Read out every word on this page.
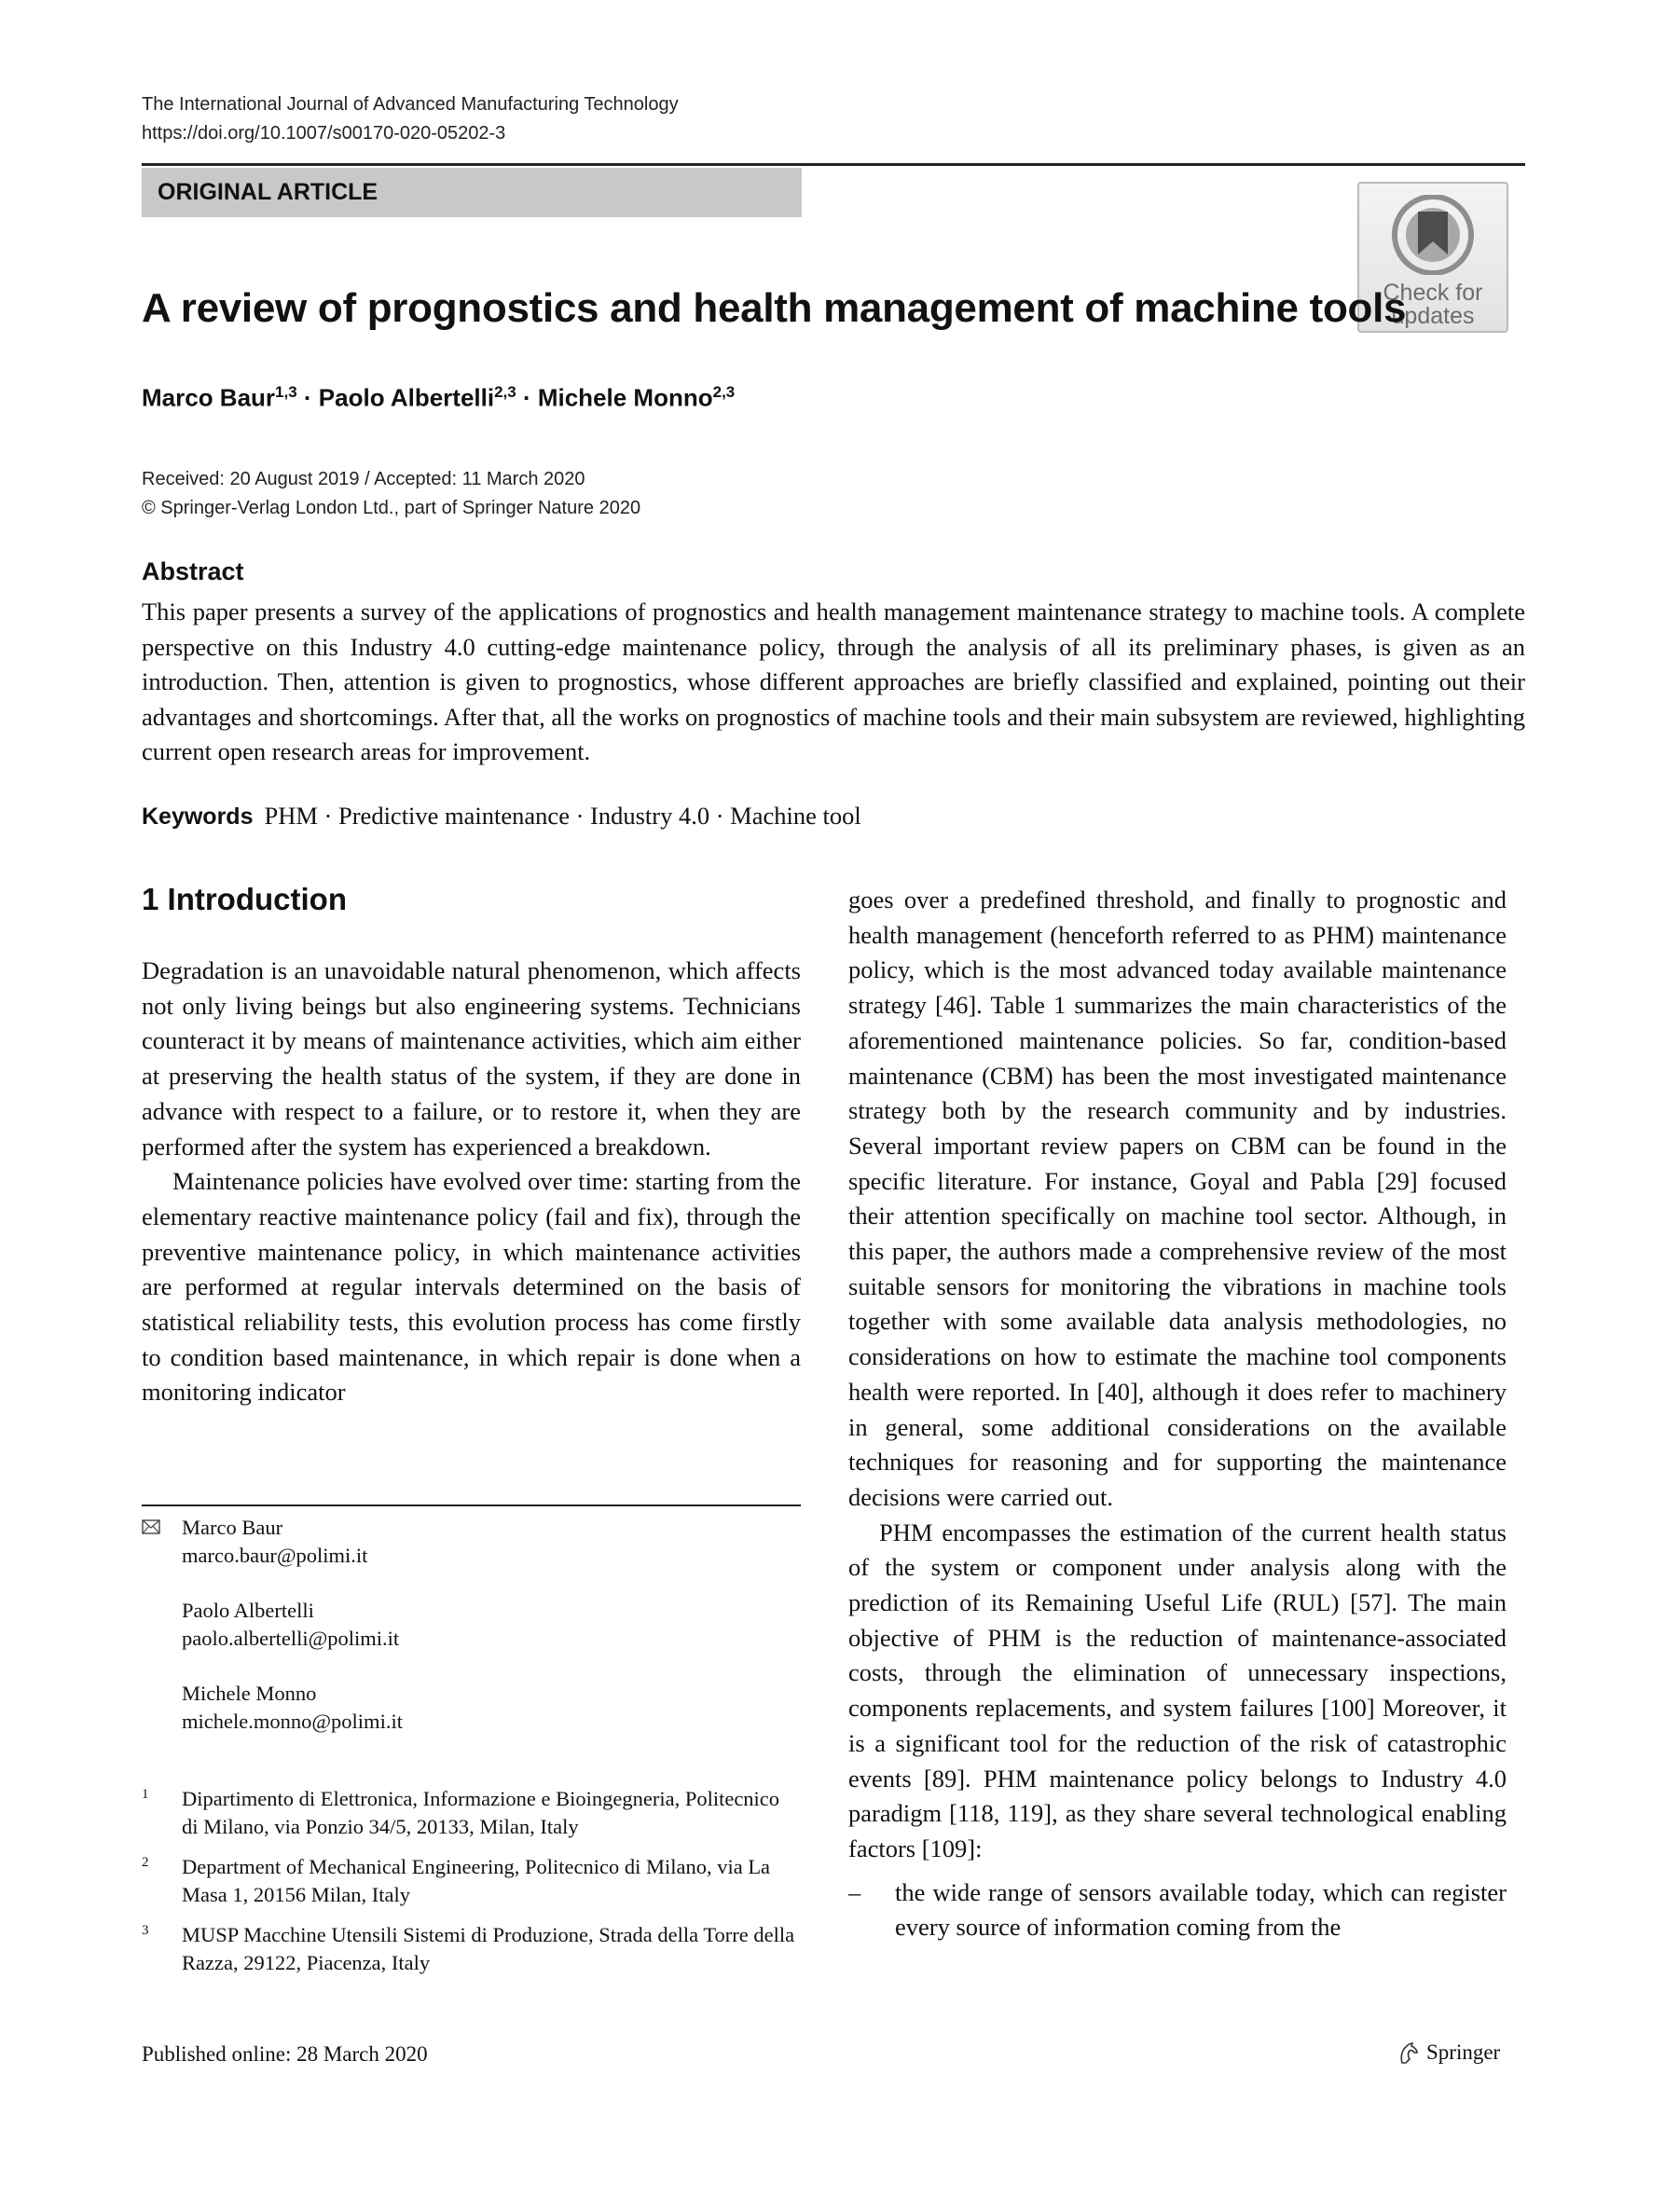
The International Journal of Advanced Manufacturing Technology
https://doi.org/10.1007/s00170-020-05202-3
ORIGINAL ARTICLE
Check for
updates
A review of prognostics and health management of machine tools
Marco Baur$^{1,3}$ · Paolo Albertelli$^{2,3}$ · Michele Monno$^{2,3}$
Received: 20 August 2019 / Accepted: 11 March 2020
© Springer-Verlag London Ltd., part of Springer Nature 2020
Abstract
This paper presents a survey of the applications of prognostics and health management maintenance strategy to machine tools. A complete perspective on this Industry 4.0 cutting-edge maintenance policy, through the analysis of all its preliminary phases, is given as an introduction. Then, attention is given to prognostics, whose different approaches are briefly classified and explained, pointing out their advantages and shortcomings. After that, all the works on prognostics of machine tools and their main subsystem are reviewed, highlighting current open research areas for improvement.
Keywords PHM · Predictive maintenance · Industry 4.0 · Machine tool
1 Introduction

Degradation is an unavoidable natural phenomenon, which affects not only living beings but also engineering systems. Technicians counteract it by means of maintenance activities, which aim either at preserving the health status of the system, if they are done in advance with respect to a failure, or to restore it, when they are performed after the system has experienced a breakdown.

Maintenance policies have evolved over time: starting from the elementary reactive maintenance policy (fail and fix), through the preventive maintenance policy, in which maintenance activities are performed at regular intervals determined on the basis of statistical reliability tests, this evolution process has come firstly to condition based maintenance, in which repair is done when a monitoring indicator

goes over a predefined threshold, and finally to prognostic and health management (henceforth referred to as PHM) maintenance policy, which is the most advanced today available maintenance strategy [46]. Table 1 summarizes the main characteristics of the aforementioned maintenance policies. So far, condition-based maintenance (CBM) has been the most investigated maintenance strategy both by the research community and by industries. Several important review papers on CBM can be found in the specific literature. For instance, Goyal and Pabla [29] focused their attention specifically on machine tool sector. Although, in this paper, the authors made a comprehensive review of the most suitable sensors for monitoring the vibrations in machine tools together with some available data analysis methodologies, no considerations on how to estimate the machine tool components health were reported. In [40], although it does refer to machinery in general, some additional considerations on the available techniques for reasoning and for supporting the maintenance decisions were carried out.

PHM encompasses the estimation of the current health status of the system or component under analysis along with the prediction of its Remaining Useful Life (RUL) [57]. The main objective of PHM is the reduction of maintenance-associated costs, through the elimination of unnecessary inspections, components replacements, and system failures [100] Moreover, it is a significant tool for the reduction of the risk of catastrophic events [89]. PHM maintenance policy belongs to Industry 4.0 paradigm [118, 119], as they share several technological enabling factors [109]:

–	the wide range of sensors available today, which can register every source of information coming from the
Marco Baur
marco.baur@polimi.it
Paolo Albertelli
paolo.albertelli@polimi.it
Michele Monno
michele.monno@polimi.it
1	Dipartimento di Elettronica, Informazione e Bioingegneria, Politecnico di Milano, via Ponzio 34/5, 20133, Milan, Italy
2	Department of Mechanical Engineering, Politecnico di Milano, via La Masa 1, 20156 Milan, Italy
3	MUSP Macchine Utensili Sistemi di Produzione, Strada della Torre della Razza, 29122, Piacenza, Italy
Published online: 28 March 2020	Springer
